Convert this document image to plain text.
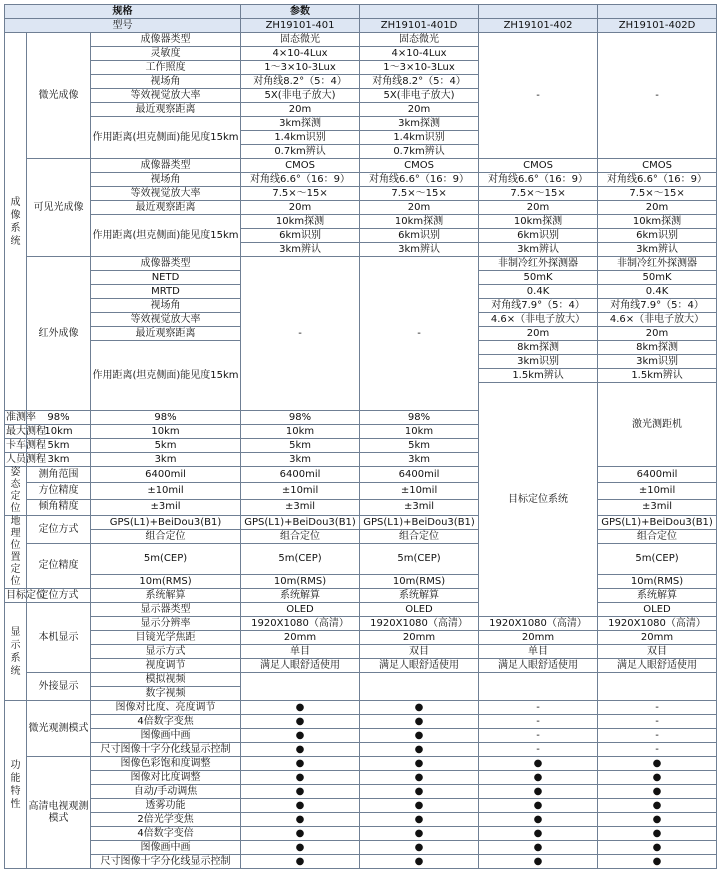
规格			参数				
型号			ZH19101-401	ZH19101-401D	ZH19101-402	ZH19101-402D	
成像系统	微光成像	成像器类型	固态微光	固态微光	-	-	
		灵敏度	4×10-4Lux	4×10-4Lux			
		工作照度	1～3×10-3Lux	1～3×10-3Lux			
		视场角	对角线8.2°（5：4）	对角线8.2°（5：4）			
		等效视觉放大率	5X(非电子放大)	5X(非电子放大)			
		最近观察距离	20m	20m			
		作用距离(坦克侧面)能见度15km	3km探测	3km探测			
			1.4km识别	1.4km识别			
			0.7km辨认	0.7km辨认			
	可见光成像	成像器类型	CMOS	CMOS	CMOS	CMOS	
		视场角	对角线6.6°（16：9）	对角线6.6°（16：9）	对角线6.6°（16：9）	对角线6.6°（16：9）	
		等效视觉放大率	7.5×～15×	7.5×～15×	7.5×～15×	7.5×～15×	
		最近观察距离	20m	20m	20m	20m	
		作用距离(坦克侧面)能见度15km	10km探测	10km探测	10km探测	10km探测	
			6km识别	6km识别	6km识别	6km识别	
			3km辨认	3km辨认	3km辨认	3km辨认	
	红外成像	成像器类型	-	-	非制冷红外探测器	非制冷红外探测器	
		NETD			50mK	50mK	
		MRTD			0.4K	0.4K	
		视场角			对角线7.9°（5：4）	对角线7.9°（5：4）	
		等效视觉放大率			4.6×（非电子放大）	4.6×（非电子放大）	
		最近观察距离			20m	20m	
		作用距离(坦克侧面)能见度15km			8km探测	8km探测	
					3km识别	3km识别	
					1.5km辨认	1.5km辨认	
					目标定位系统	激光测距机					

准测率	98%	98%	98%	98%			
最大测程	10km	10km	10km	10km			
卡车测程	5km	5km	5km	5km			
人员测程	3km	3km	3km	3km			
姿态定位	测角范围	6400mil	6400mil	6400mil		6400mil	
	方位精度	±10mil	±10mil	±10mil		±10mil	
	倾角精度	±3mil	±3mil	±3mil		±3mil	
地理位置定位	定位方式	GPS(L1)+BeiDou3(B1)	GPS(L1)+BeiDou3(B1)	GPS(L1)+BeiDou3(B1)		GPS(L1)+BeiDou3(B1)	
		组合定位	组合定位	组合定位		组合定位	
	定位精度	5m(CEP)	5m(CEP)	5m(CEP)		5m(CEP)	
		10m(RMS)	10m(RMS)	10m(RMS)		10m(RMS)	
目标定位	定位方式	系统解算	系统解算	系统解算		系统解算	
显示系统	本机显示	显示器类型	OLED	OLED		OLED	
		显示分辨率	1920X1080（高清）	1920X1080（高清）	1920X1080（高清）	1920X1080（高清）	
		目镜光学焦距	20mm	20mm	20mm	20mm	
		显示方式	单目	双目	单目	双目	
		视度调节	满足人眼舒适使用	满足人眼舒适使用	满足人眼舒适使用	满足人眼舒适使用	
	外接显示	模拟视频					
		数字视频					
功能特性	微光观测模式	图像对比度、亮度调节	●	●	-	-	
		4倍数字变焦	●	●	-	-	
		图像画中画	●	●	-	-	
		尺寸图像十字分化线显示控制	●	●	-	-	
	高清电视观测模式	图像色彩饱和度调整	●	●	●	●	
		图像对比度调整	●	●	●	●	
		自动/手动调焦	●	●	●	●	
		透雾功能	●	●	●	●	
		2倍光学变焦	●	●	●	●	
		4倍数字变倍	●	●	●	●	
		图像画中画	●	●	●	●	
		尺寸图像十字分化线显示控制	●	●	●	●	
